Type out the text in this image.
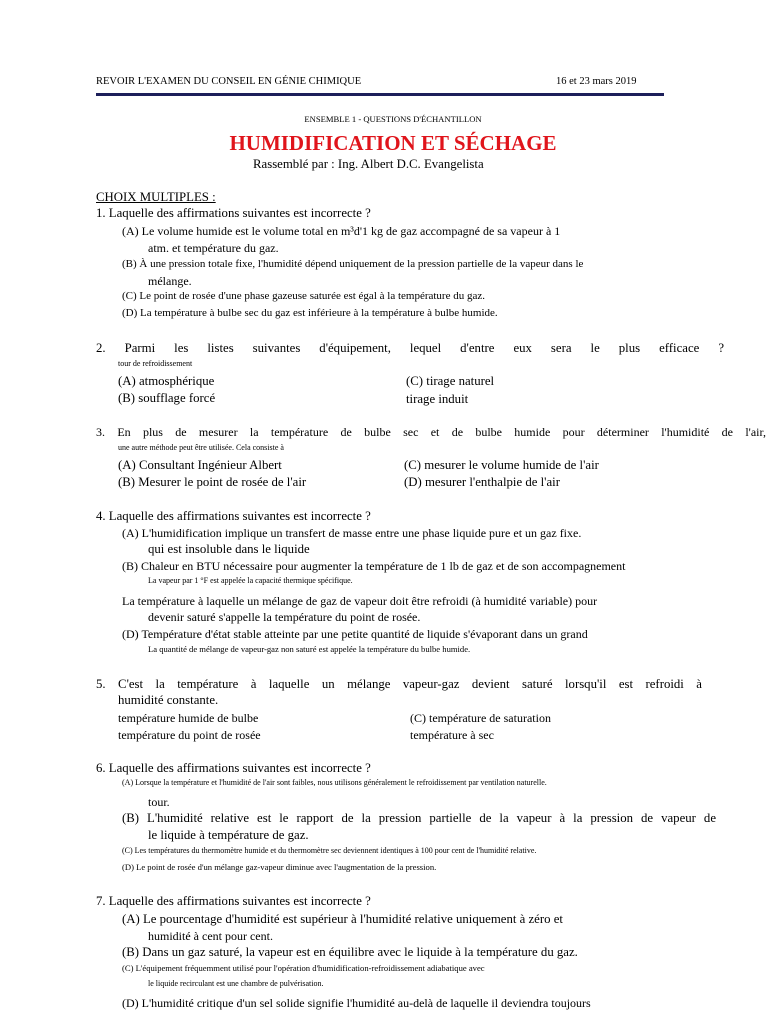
REVOIR L'EXAMEN DU CONSEIL EN GÉNIE CHIMIQUE	16 et 23 mars 2019
ENSEMBLE 1 - QUESTIONS D'ÉCHANTILLON
HUMIDIFICATION ET SÉCHAGE
Rassemblé par : Ing. Albert D.C. Evangelista
CHOIX MULTIPLES :
1. Laquelle des affirmations suivantes est incorrecte ?
(A) Le volume humide est le volume total en m³d'1 kg de gaz accompagné de sa vapeur à 1
atm. et température du gaz.
(B) À une pression totale fixe, l'humidité dépend uniquement de la pression partielle de la vapeur dans le
mélange.
(C) Le point de rosée d'une phase gazeuse saturée est égal à la température du gaz.
(D) La température à bulbe sec du gaz est inférieure à la température à bulbe humide.
2. Parmi les listes suivantes d'équipement, lequel d'entre eux sera le plus efficace ?
tour de refroidissement
(A) atmosphérique
(B) soufflage forcé
(C) tirage naturel
tirage induit
3. En plus de mesurer la température de bulbe sec et de bulbe humide pour déterminer l'humidité de l'air,
une autre méthode peut être utilisée. Cela consiste à
(A) Consultant Ingénieur Albert
(B) Mesurer le point de rosée de l'air
(C) mesurer le volume humide de l'air
(D) mesurer l'enthalpie de l'air
4. Laquelle des affirmations suivantes est incorrecte ?
(A) L'humidification implique un transfert de masse entre une phase liquide pure et un gaz fixe.
qui est insoluble dans le liquide
(B) Chaleur en BTU nécessaire pour augmenter la température de 1 lb de gaz et de son accompagnement
La vapeur par 1 °F est appelée la capacité thermique spécifique.
La température à laquelle un mélange de gaz de vapeur doit être refroidi (à humidité variable) pour
devenir saturé s'appelle la température du point de rosée.
(D) Température d'état stable atteinte par une petite quantité de liquide s'évaporant dans un grand
La quantité de mélange de vapeur-gaz non saturé est appelée la température du bulbe humide.
5. C'est la température à laquelle un mélange vapeur-gaz devient saturé lorsqu'il est refroidi à
humidité constante.
température humide de bulbe
température du point de rosée
(C) température de saturation
température à sec
6. Laquelle des affirmations suivantes est incorrecte ?
(A) Lorsque la température et l'humidité de l'air sont faibles, nous utilisons généralement le refroidissement par ventilation naturelle.
tour.
(B) L'humidité relative est le rapport de la pression partielle de la vapeur à la pression de vapeur de
le liquide à température de gaz.
(C) Les températures du thermomètre humide et du thermomètre sec deviennent identiques à 100 pour cent de l'humidité relative.
(D) Le point de rosée d'un mélange gaz-vapeur diminue avec l'augmentation de la pression.
7. Laquelle des affirmations suivantes est incorrecte ?
(A) Le pourcentage d'humidité est supérieur à l'humidité relative uniquement à zéro et
humidité à cent pour cent.
(B) Dans un gaz saturé, la vapeur est en équilibre avec le liquide à la température du gaz.
(C) L'équipement fréquemment utilisé pour l'opération d'humidification-refroidissement adiabatique avec
le liquide recirculant est une chambre de pulvérisation.
(D) L'humidité critique d'un sel solide signifie l'humidité au-delà de laquelle il deviendra toujours
